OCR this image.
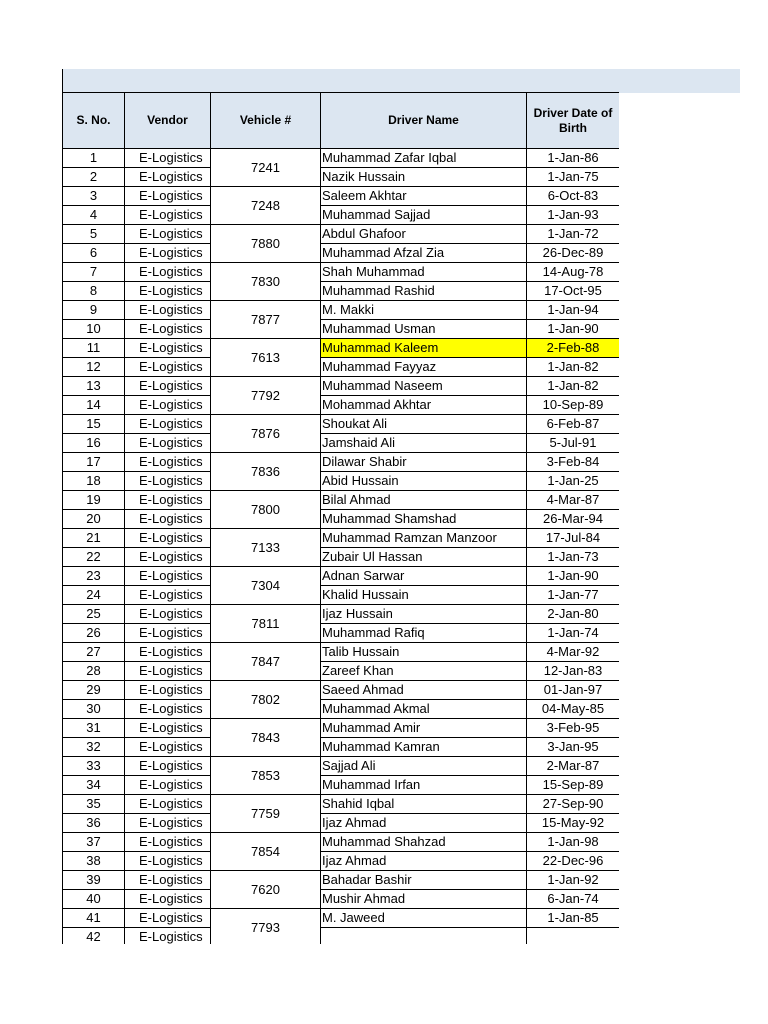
S. No.	Vendor	Vehicle #	Driver Name	Driver Date of Birth
1	E-Logistics	7241	Muhammad Zafar Iqbal	1-Jan-86
2	E-Logistics		Nazik Hussain	1-Jan-75
3	E-Logistics	7248	Saleem Akhtar	6-Oct-83
4	E-Logistics		Muhammad Sajjad	1-Jan-93
5	E-Logistics	7880	Abdul Ghafoor	1-Jan-72
6	E-Logistics		Muhammad Afzal Zia	26-Dec-89
7	E-Logistics	7830	Shah Muhammad	14-Aug-78
8	E-Logistics		Muhammad Rashid	17-Oct-95
9	E-Logistics	7877	M. Makki	1-Jan-94
10	E-Logistics		Muhammad Usman	1-Jan-90
11	E-Logistics	7613	Muhammad Kaleem	2-Feb-88
12	E-Logistics		Muhammad Fayyaz	1-Jan-82
13	E-Logistics	7792	Muhammad Naseem	1-Jan-82
14	E-Logistics		Mohammad Akhtar	10-Sep-89
15	E-Logistics	7876	Shoukat Ali	6-Feb-87
16	E-Logistics		Jamshaid Ali	5-Jul-91
17	E-Logistics	7836	Dilawar Shabir	3-Feb-84
18	E-Logistics		Abid Hussain	1-Jan-25
19	E-Logistics	7800	Bilal Ahmad	4-Mar-87
20	E-Logistics		Muhammad Shamshad	26-Mar-94
21	E-Logistics	7133	Muhammad Ramzan Manzoor	17-Jul-84
22	E-Logistics		Zubair Ul Hassan	1-Jan-73
23	E-Logistics	7304	Adnan Sarwar	1-Jan-90
24	E-Logistics		Khalid Hussain	1-Jan-77
25	E-Logistics	7811	Ijaz Hussain	2-Jan-80
26	E-Logistics		Muhammad Rafiq	1-Jan-74
27	E-Logistics	7847	Talib Hussain	4-Mar-92
28	E-Logistics		Zareef Khan	12-Jan-83
29	E-Logistics	7802	Saeed Ahmad	01-Jan-97
30	E-Logistics		Muhammad Akmal	04-May-85
31	E-Logistics	7843	Muhammad Amir	3-Feb-95
32	E-Logistics		Muhammad Kamran	3-Jan-95
33	E-Logistics	7853	Sajjad Ali	2-Mar-87
34	E-Logistics		Muhammad Irfan	15-Sep-89
35	E-Logistics	7759	Shahid Iqbal	27-Sep-90
36	E-Logistics		Ijaz Ahmad	15-May-92
37	E-Logistics	7854	Muhammad Shahzad	1-Jan-98
38	E-Logistics		Ijaz Ahmad	22-Dec-96
39	E-Logistics	7620	Bahadar Bashir	1-Jan-92
40	E-Logistics		Mushir Ahmad	6-Jan-74
41	E-Logistics	7793	M. Jaweed	1-Jan-85
42	E-Logistics			
